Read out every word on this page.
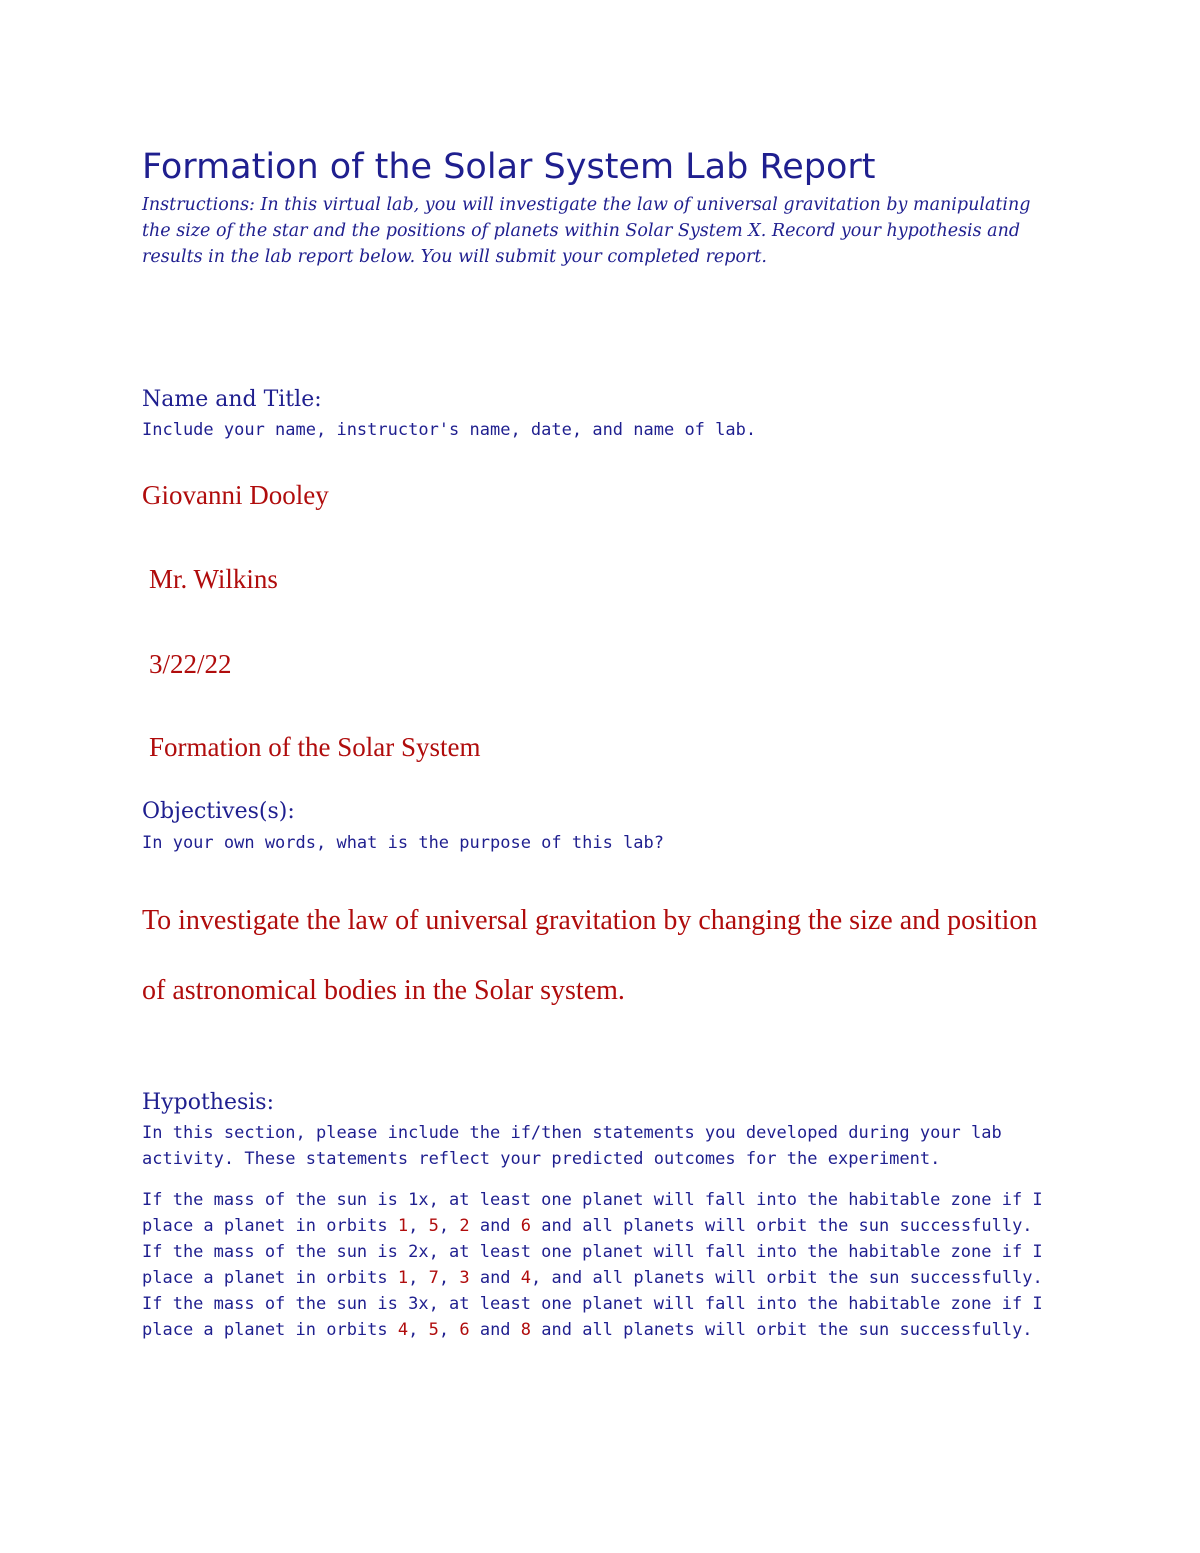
Formation of the Solar System Lab Report

Instructions: In this virtual lab, you will investigate the law of universal gravitation by manipulating the size of the star and the positions of planets within Solar System X. Record your hypothesis and results in the lab report below. You will submit your completed report.

Name and Title:

Include your name, instructor's name, date, and name of lab.

Giovanni Dooley

Mr. Wilkins

3/22/22

Formation of the Solar System

Objectives(s):

In your own words, what is the purpose of this lab?

To investigate the law of universal gravitation by changing the size and position of astronomical bodies in the Solar system.

Hypothesis:

In this section, please include the if/then statements you developed during your lab activity. These statements reflect your predicted outcomes for the experiment.

If the mass of the sun is 1x, at least one planet will fall into the habitable zone if I
place a planet in orbits 1, 5, 2 and 6 and all planets will orbit the sun successfully.
If the mass of the sun is 2x, at least one planet will fall into the habitable zone if I
place a planet in orbits 1, 7, 3 and 4, and all planets will orbit the sun successfully.
If the mass of the sun is 3x, at least one planet will fall into the habitable zone if I
place a planet in orbits 4, 5, 6 and 8 and all planets will orbit the sun successfully.
